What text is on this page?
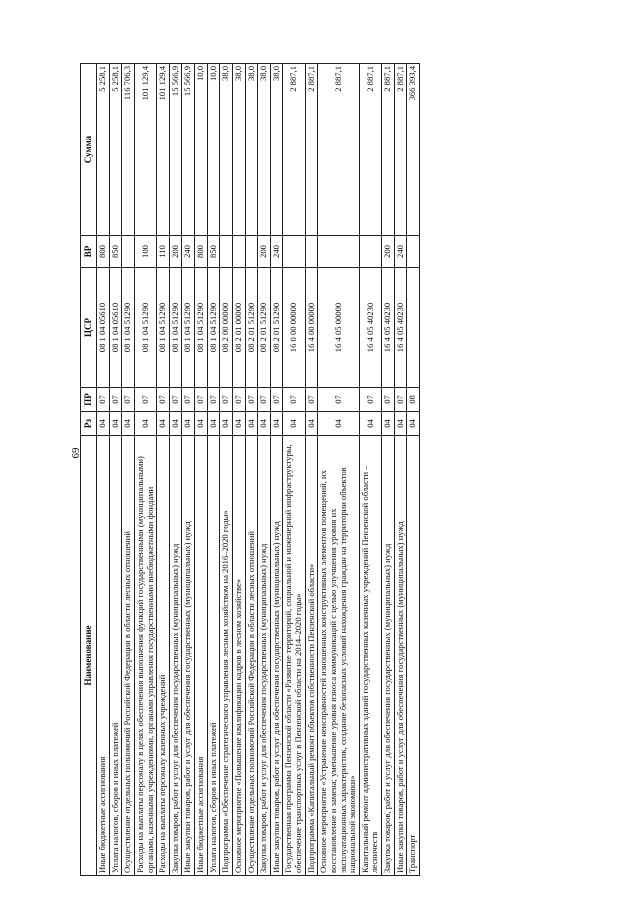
69
Наименование	Рз	ПР	ЦСР	ВР	Сумма
Иные бюджетные ассигнования	04	07	08 1 04 05610	800	5 258,1
Уплата налогов, сборов и иных платежей	04	07	08 1 04 05610	850	5 258,1
Осуществление отдельных полномочий Российской Федерации в области лесных отношений	04	07	08 1 04 51290		116 706,3
Расходы на выплаты персоналу в целях обеспечения выполнения функций государственными (муниципальными) органами, казенными учреждениями, органами управления государственными внебюджетными фондами	04	07	08 1 04 51290	100	101 129,4
Расходы на выплаты персоналу казенных учреждений	04	07	08 1 04 51290	110	101 129,4
Закупка товаров, работ и услуг для обеспечения государственных (муниципальных) нужд	04	07	08 1 04 51290	200	15 566,9
Иные закупки товаров, работ и услуг для обеспечения государственных (муниципальных) нужд	04	07	08 1 04 51290	240	15 566,9
Иные бюджетные ассигнования	04	07	08 1 04 51290	800	10,0
Уплата налогов, сборов и иных платежей	04	07	08 1 04 51290	850	10,0
Подпрограмма «Обеспечение стратегического управления лесным хозяйством на 2016–2020 годы»	04	07	08 2 00 00000		38,0
Основное мероприятие «Повышение квалификации кадров в лесном хозяйстве»	04	07	08 2 01 00000		38,0
Осуществление отдельных полномочий Российской Федерации в области лесных отношений	04	07	08 2 01 51290		38,0
Закупка товаров, работ и услуг для обеспечения государственных (муниципальных) нужд	04	07	08 2 01 51290	200	38,0
Иные закупки товаров, работ и услуг для обеспечения государственных (муниципальных) нужд	04	07	08 2 01 51290	240	38,0
Государственная программа Пензенской области «Развитие территорий, социальной и инженерной инфраструктуры, обеспечение транспортных услуг в Пензенской области на 2014–2020 годы»	04	07	16 0 00 00000		2 887,1
Подпрограмма «Капитальный ремонт объектов собственности Пензенской области»	04	07	16 4 00 00000		2 887,1
Основное мероприятие «Устранение неисправностей изношенных конструктивных элементов помещений, их восстановление и замена; уменьшение уровня износа коммуникаций с целью улучшения уровня их эксплуатационных характеристик, создание безопасных условий нахождения граждан на территории объектов национальной экономики»	04	07	16 4 05 00000		2 887,1
Капитальный ремонт административных зданий государственных казенных учреждений Пензенской области – лесничеств	04	07	16 4 05 40230		2 887,1
Закупка товаров, работ и услуг для обеспечения государственных (муниципальных) нужд	04	07	16 4 05 40230	200	2 887,1
Иные закупки товаров, работ и услуг для обеспечения государственных (муниципальных) нужд	04	07	16 4 05 40230	240	2 887,1
Транспорт	04	08			366 393,4
